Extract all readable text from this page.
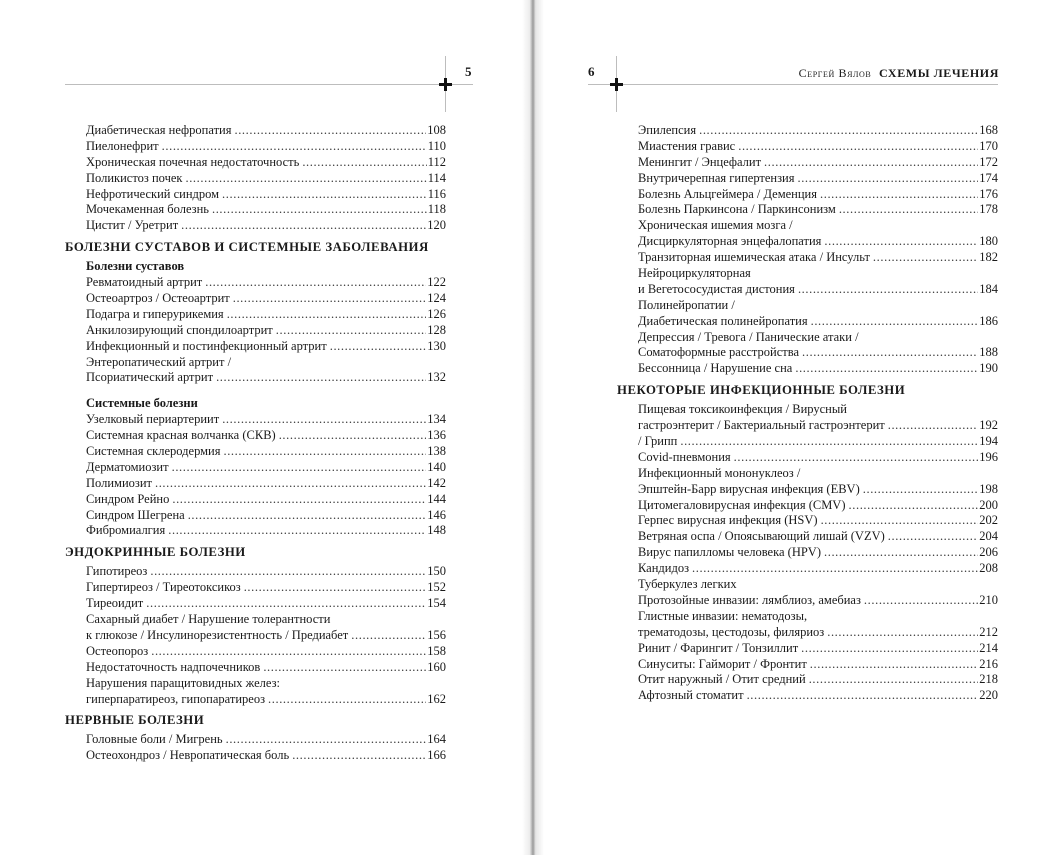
5
Диабетическая нефропатия .....	108
Пиелонефрит .....	110
Хроническая почечная недостаточность .....	112
Поликистоз почек .....	114
Нефротический синдром .....	116
Мочекаменная болезнь .....	118
Цистит / Уретрит .....	120
БОЛЕЗНИ СУСТАВОВ И СИСТЕМНЫЕ ЗАБОЛЕВАНИЯ
Болезни суставов
Ревматоидный артрит .....	122
Остеоартроз / Остеоартрит .....	124
Подагра и гиперурикемия .....	126
Анкилозирующий спондилоартрит .....	128
Инфекционный и постинфекционный артрит .....	130
Энтеропатический артрит /
Псориатический артрит .....	132
Системные болезни
Узелковый периартериит .....	134
Системная красная волчанка (СКВ) .....	136
Системная склеродермия .....	138
Дерматомиозит .....	140
Полимиозит .....	142
Синдром Рейно .....	144
Синдром Шегрена .....	146
Фибромиалгия .....	148
ЭНДОКРИННЫЕ БОЛЕЗНИ
Гипотиреоз .....	150
Гипертиреоз / Тиреотоксикоз .....	152
Тиреоидит .....	154
Сахарный диабет / Нарушение толерантности
к глюкозе / Инсулинорезистентность / Предиабет .....	156
Остеопороз .....	158
Недостаточность надпочечников .....	160
Нарушения паращитовидных желез:
гиперпаратиреоз, гипопаратиреоз .....	162
НЕРВНЫЕ БОЛЕЗНИ
Головные боли / Мигрень .....	164
Остеохондроз / Невропатическая боль .....	166
6	Сергей Вялов СХЕМЫ ЛЕЧЕНИЯ
Эпилепсия .....	168
Миастения гравис .....	170
Менингит / Энцефалит .....	172
Внутричерепная гипертензия .....	174
Болезнь Альцгеймера / Деменция .....	176
Болезнь Паркинсона / Паркинсонизм .....	178
Хроническая ишемия мозга /
Дисциркуляторная энцефалопатия .....	180
Транзиторная ишемическая атака / Инсульт .....	182
Нейроциркуляторная
и Вегетососудистая дистония .....	184
Полинейропатии /
Диабетическая полинейропатия .....	186
Депрессия / Тревога / Панические атаки /
Соматоформные расстройства .....	188
Бессонница / Нарушение сна .....	190
НЕКОТОРЫЕ ИНФЕКЦИОННЫЕ БОЛЕЗНИ
Пищевая токсикоинфекция / Вирусный
гастроэнтерит / Бактериальный гастроэнтерит .....	192
/ Грипп .....	194
Covid-пневмония .....	196
Инфекционный мононуклеоз /
Эпштейн-Барр вирусная инфекция (EBV) .....	198
Цитомегаловирусная инфекция (CMV) .....	200
Герпес вирусная инфекция (HSV) .....	202
Ветряная оспа / Опоясывающий лишай (VZV) .....	204
Вирус папилломы человека (HPV) .....	206
Кандидоз .....	208
Туберкулез легких
Протозойные инвазии: лямблиоз, амебиаз .....	210
Глистные инвазии: нематодозы,
трематодозы, цестодозы, филяриоз .....	212
Ринит / Фарингит / Тонзиллит .....	214
Синуситы: Гайморит / Фронтит .....	216
Отит наружный / Отит средний .....	218
Афтозный стоматит .....	220
